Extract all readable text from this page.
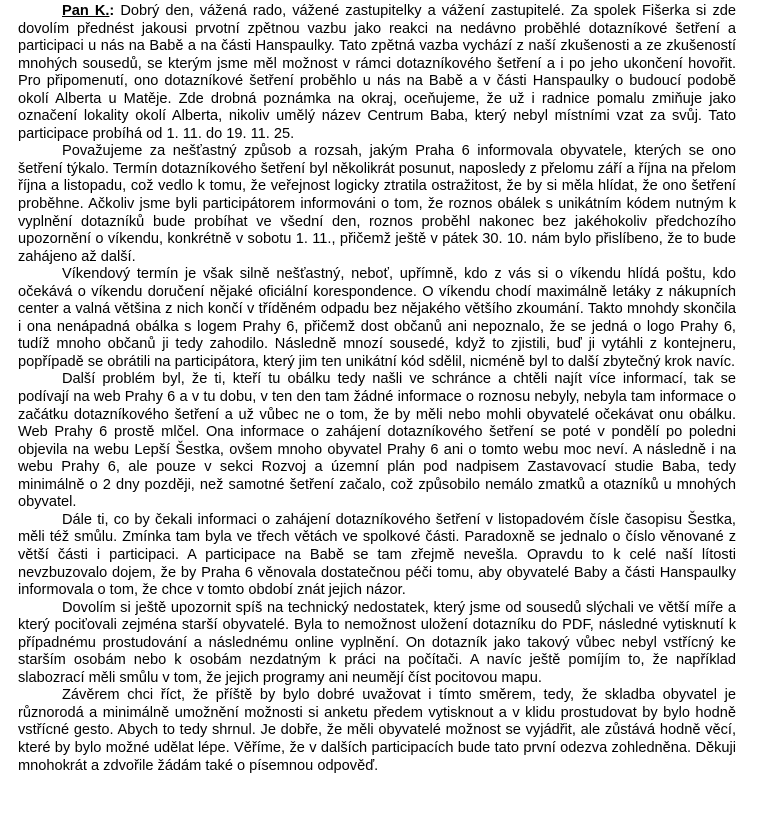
Pan K.: Dobrý den, vážená rado, vážené zastupitelky a vážení zastupitelé. Za spolek Fišerka si zde dovolím přednést jakousi prvotní zpětnou vazbu jako reakci na nedávno proběhlé dotazníkové šetření a participaci u nás na Babě a na části Hanspaulky. Tato zpětná vazba vychází z naší zkušenosti a ze zkušeností mnohých sousedů, se kterým jsme měl možnost v rámci dotazníkového šetření a i po jeho ukončení hovořit. Pro připomenutí, ono dotazníkové šetření proběhlo u nás na Babě a v části Hanspaulky o budoucí podobě okolí Alberta u Matěje. Zde drobná poznámka na okraj, oceňujeme, že už i radnice pomalu zmiňuje jako označení lokality okolí Alberta, nikoliv umělý název Centrum Baba, který nebyl místními vzat za svůj. Tato participace probíhá od 1. 11. do 19. 11. 25.

Považujeme za nešťastný způsob a rozsah, jakým Praha 6 informovala obyvatele, kterých se ono šetření týkalo. Termín dotazníkového šetření byl několikrát posunut, naposledy z přelomu září a října na přelom října a listopadu, což vedlo k tomu, že veřejnost logicky ztratila ostražitost, že by si měla hlídat, že ono šetření proběhne. Ačkoliv jsme byli participátorem informováni o tom, že roznos obálek s unikátním kódem nutným k vyplnění dotazníků bude probíhat ve všední den, roznos proběhl nakonec bez jakéhokoliv předchozího upozornění o víkendu, konkrétně v sobotu 1. 11., přičemž ještě v pátek 30. 10. nám bylo přislíbeno, že to bude zahájeno až další.

Víkendový termín je však silně nešťastný, neboť, upřímně, kdo z vás si o víkendu hlídá poštu, kdo očekává o víkendu doručení nějaké oficiální korespondence. O víkendu chodí maximálně letáky z nákupních center a valná většina z nich končí v tříděném odpadu bez nějakého většího zkoumání. Takto mnohdy skončila i ona nenápadná obálka s logem Prahy 6, přičemž dost občanů ani nepoznalo, že se jedná o logo Prahy 6, tudíž mnoho občanů ji tedy zahodilo. Následně mnozí sousedé, když to zjistili, buď ji vytáhli z kontejneru, popřípadě se obrátili na participátora, který jim ten unikátní kód sdělil, nicméně byl to další zbytečný krok navíc.

Další problém byl, že ti, kteří tu obálku tedy našli ve schránce a chtěli najít více informací, tak se podívají na web Prahy 6 a v tu dobu, v ten den tam žádné informace o roznosu nebyly, nebyla tam informace o začátku dotazníkového šetření a už vůbec ne o tom, že by měli nebo mohli obyvatelé očekávat onu obálku. Web Prahy 6 prostě mlčel. Ona informace o zahájení dotazníkového šetření se poté v pondělí po poledni objevila na webu Lepší Šestka, ovšem mnoho obyvatel Prahy 6 ani o tomto webu moc neví. A následně i na webu Prahy 6, ale pouze v sekci Rozvoj a územní plán pod nadpisem Zastavovací studie Baba, tedy minimálně o 2 dny později, než samotné šetření začalo, což způsobilo nemálo zmatků a otazníků u mnohých obyvatel.

Dále ti, co by čekali informaci o zahájení dotazníkového šetření v listopadovém čísle časopisu Šestka, měli též smůlu. Zmínka tam byla ve třech větách ve spolkové části. Paradoxně se jednalo o číslo věnované z větší části i participaci. A participace na Babě se tam zřejmě nevešla. Opravdu to k celé naší lítosti nevzbuzovalo dojem, že by Praha 6 věnovala dostatečnou péči tomu, aby obyvatelé Baby a části Hanspaulky informovala o tom, že chce v tomto období znát jejich názor.

Dovolím si ještě upozornit spíš na technický nedostatek, který jsme od sousedů slýchali ve větší míře a který pociťovali zejména starší obyvatelé. Byla to nemožnost uložení dotazníku do PDF, následné vytisknutí k případnému prostudování a následnému online vyplnění. On dotazník jako takový vůbec nebyl vstřícný ke starším osobám nebo k osobám nezdatným k práci na počítači. A navíc ještě pomíjím to, že například slabozrací měli smůlu v tom, že jejich programy ani neumějí číst pocitovou mapu.

Závěrem chci říct, že příště by bylo dobré uvažovat i tímto směrem, tedy, že skladba obyvatel je různorodá a minimálně umožnění možnosti si anketu předem vytisknout a v klidu prostudovat by bylo hodně vstřícné gesto. Abych to tedy shrnul. Je dobře, že měli obyvatelé možnost se vyjádřit, ale zůstává hodně věcí, které by bylo možné udělat lépe. Věříme, že v dalších participacích bude tato první odezva zohledněna. Děkuji mnohokrát a zdvořile žádám také o písemnou odpověď.
